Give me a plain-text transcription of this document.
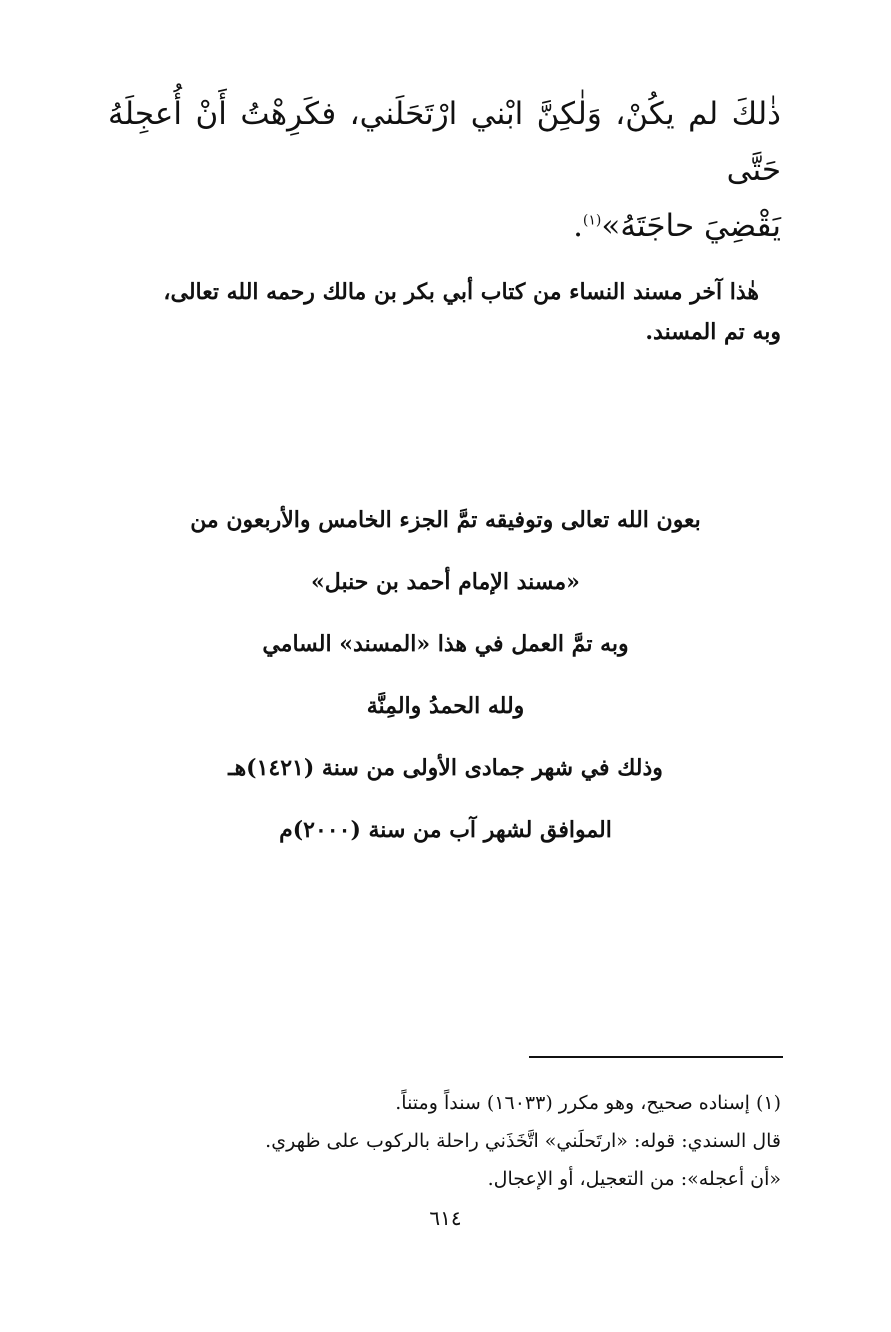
ذٰلكَ لم يكُنْ، وَلٰكِنَّ ابْني ارْتَحَلَني، فكَرِهْتُ أَنْ أُعجِلَهُ حَتَّى
يَقْضِيَ حاجَتَهُ»$^{(١)}$.
هٰذا آخر مسند النساء من كتاب أبي بكر بن مالك رحمه الله تعالى،
وبه تم المسند.
بعون الله تعالى وتوفيقه تمَّ الجزء الخامس والأربعون من
«مسند الإمام أحمد بن حنبل»
وبه تمَّ العمل في هذا «المسند» السامي
ولله الحمدُ والمِنَّة
وذلك في شهر جمادى الأولى من سنة (١٤٢١)هـ
الموافق لشهر آب من سنة (٢٠٠٠)م
(١) إسناده صحيح، وهو مكرر (١٦٠٣٣) سنداً ومتناً.
قال السندي: قوله: «ارتَحلَني» اتَّخَذَني راحلة بالركوب على ظهري.
«أن أعجله»: من التعجيل، أو الإعجال.
٦١٤
